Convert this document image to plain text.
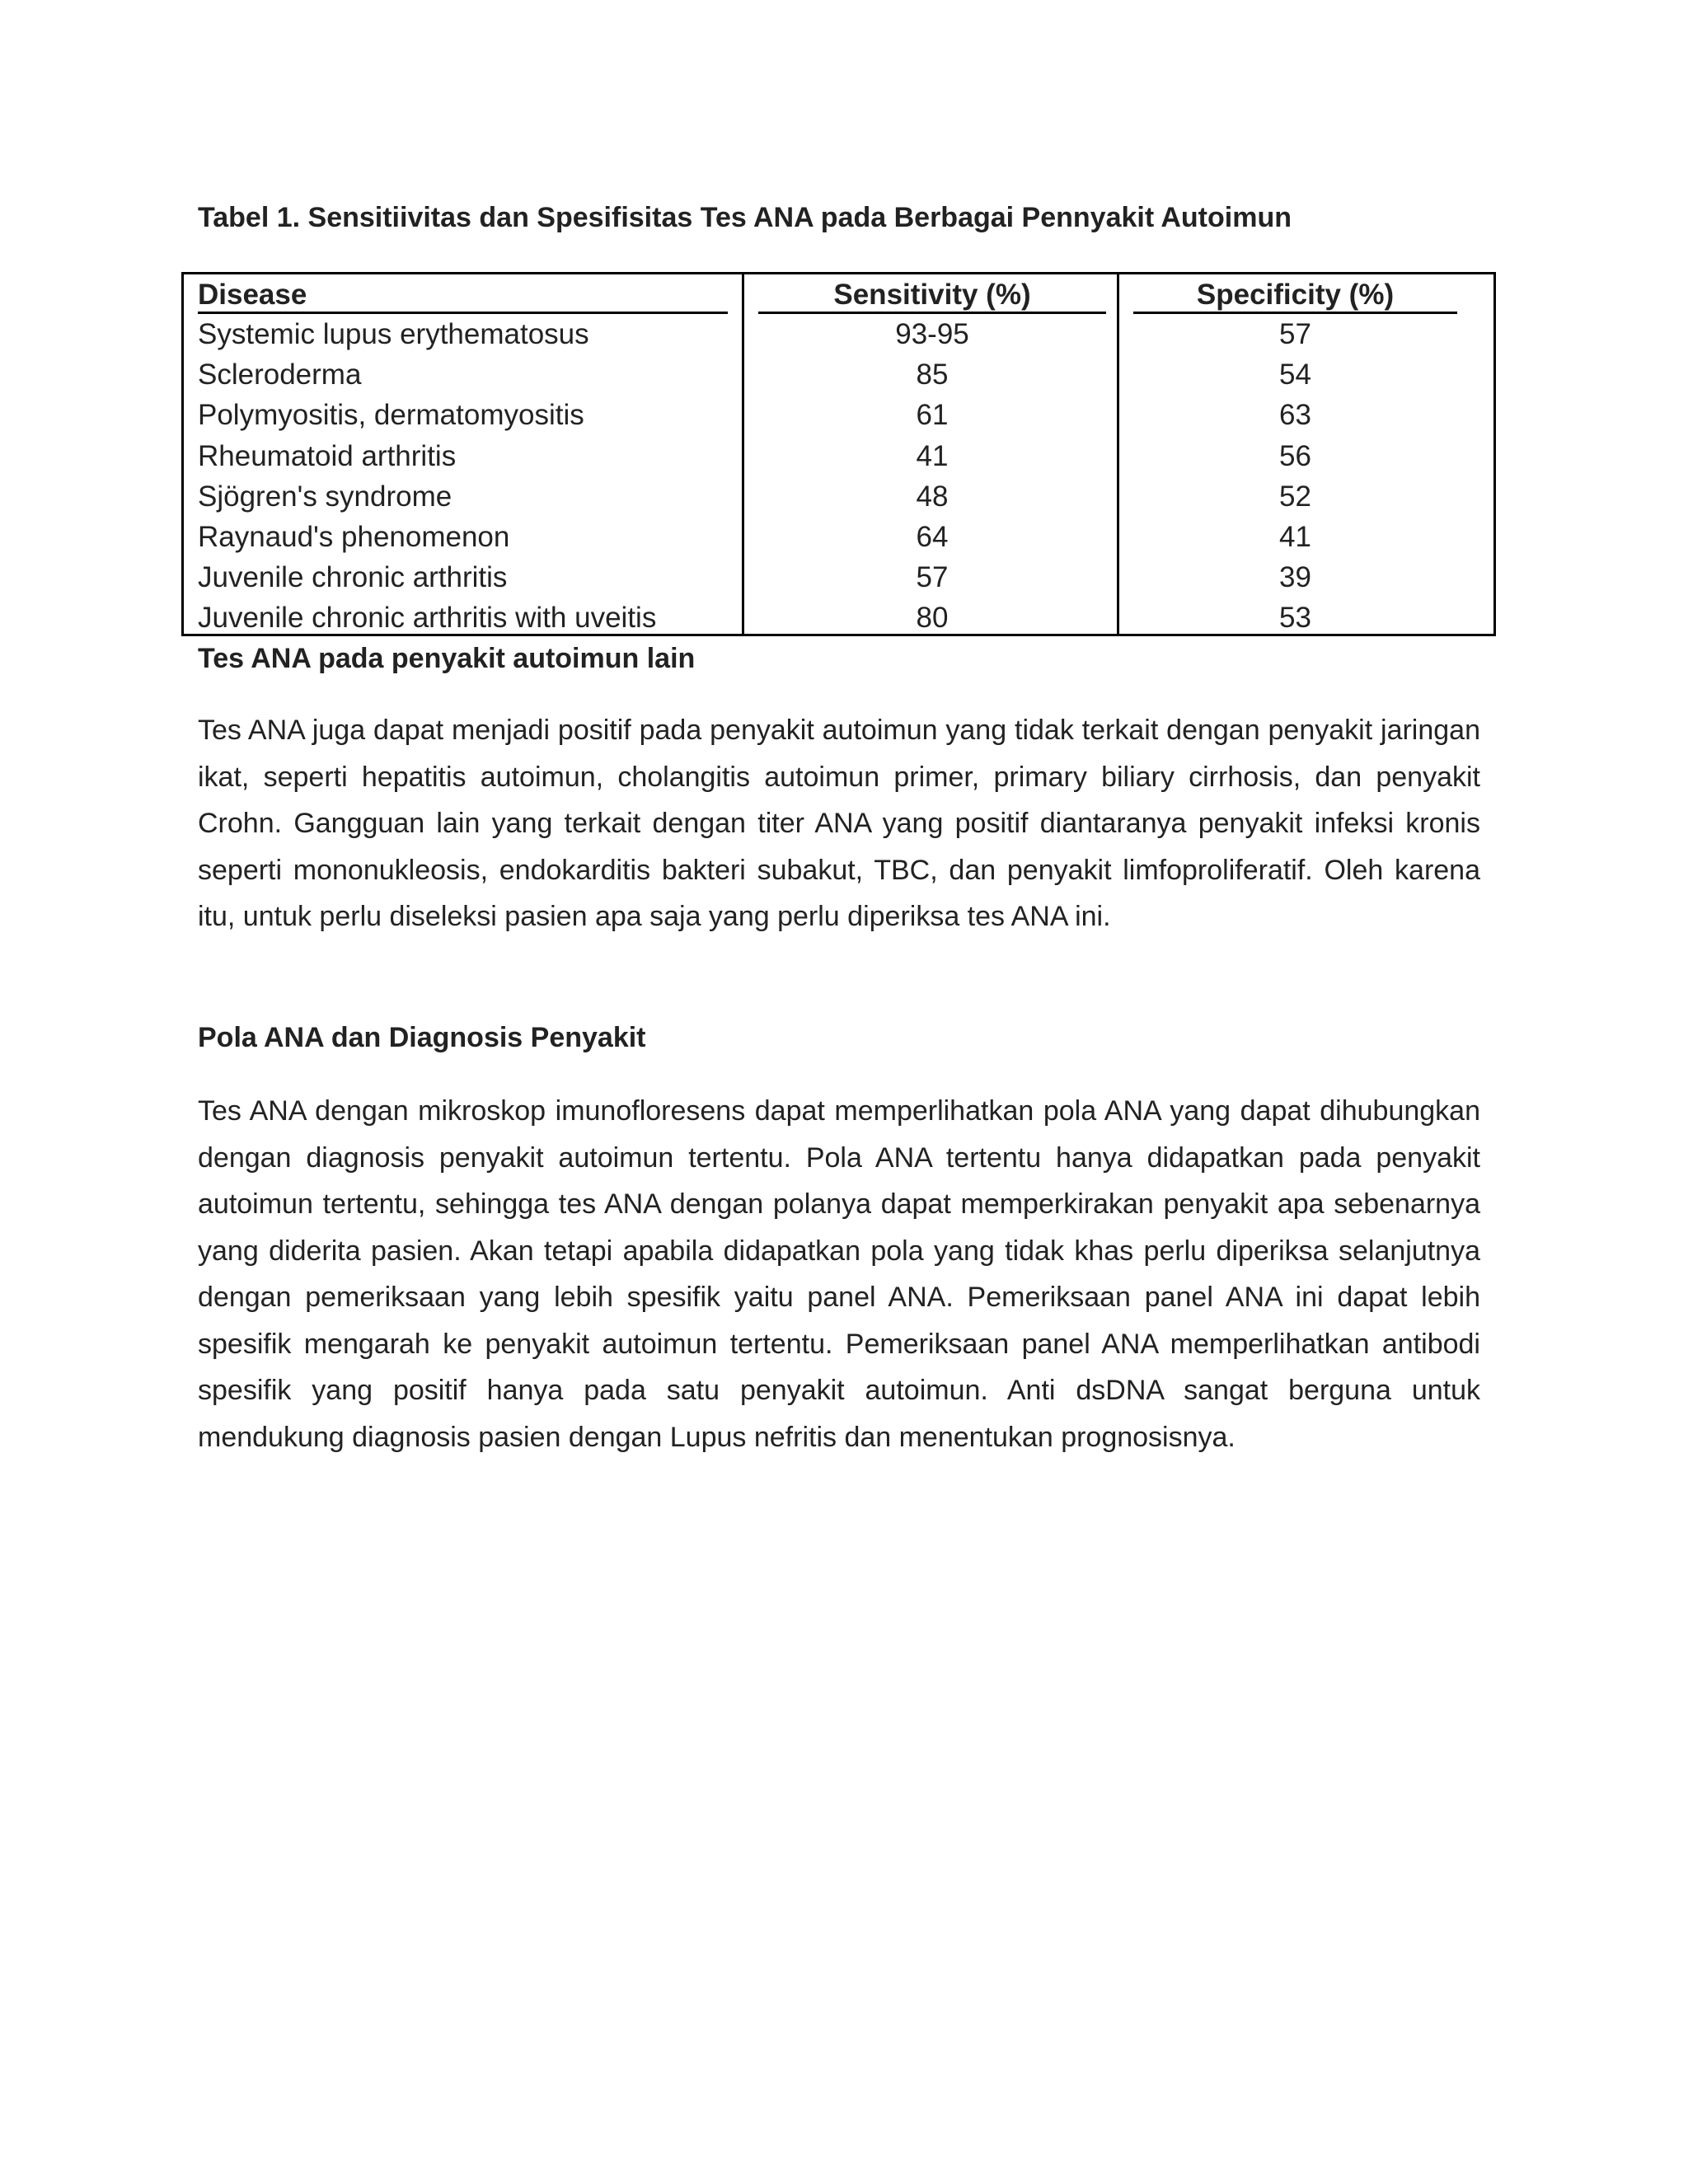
Tabel 1. Sensitiivitas dan Spesifisitas Tes ANA pada Berbagai Pennyakit Autoimun
Disease
Systemic lupus erythematosus
Scleroderma
Polymyositis, dermatomyositis
Rheumatoid arthritis
Sjögren's syndrome
Raynaud's phenomenon
Juvenile chronic arthritis
Juvenile chronic arthritis with uveitis
Sensitivity (%)
93-95
85
61
41
48
64
57
80
Specificity (%)
57
54
63
56
52
41
39
53
Tes ANA pada penyakit autoimun lain
Tes ANA juga dapat menjadi positif pada penyakit autoimun yang tidak terkait dengan penyakit jaringan ikat, seperti hepatitis autoimun, cholangitis autoimun primer, primary biliary cirrhosis, dan penyakit Crohn. Gangguan lain yang terkait dengan titer ANA yang positif diantaranya penyakit infeksi kronis seperti mononukleosis, endokarditis bakteri subakut, TBC, dan penyakit limfoproliferatif. Oleh karena itu, untuk perlu diseleksi pasien apa saja yang perlu diperiksa tes ANA ini.
Pola ANA dan Diagnosis Penyakit
Tes ANA dengan mikroskop imunofloresens dapat memperlihatkan pola ANA yang dapat dihubungkan dengan diagnosis penyakit autoimun tertentu. Pola ANA tertentu hanya didapatkan pada penyakit autoimun tertentu, sehingga tes ANA dengan polanya dapat memperkirakan penyakit apa sebenarnya yang diderita pasien. Akan tetapi apabila didapatkan pola yang tidak khas perlu diperiksa selanjutnya dengan pemeriksaan yang lebih spesifik yaitu panel ANA. Pemeriksaan panel ANA ini dapat lebih spesifik mengarah ke penyakit autoimun tertentu. Pemeriksaan panel ANA memperlihatkan antibodi spesifik yang positif hanya pada satu penyakit autoimun. Anti dsDNA sangat berguna untuk mendukung diagnosis pasien dengan Lupus nefritis dan menentukan prognosisnya.
